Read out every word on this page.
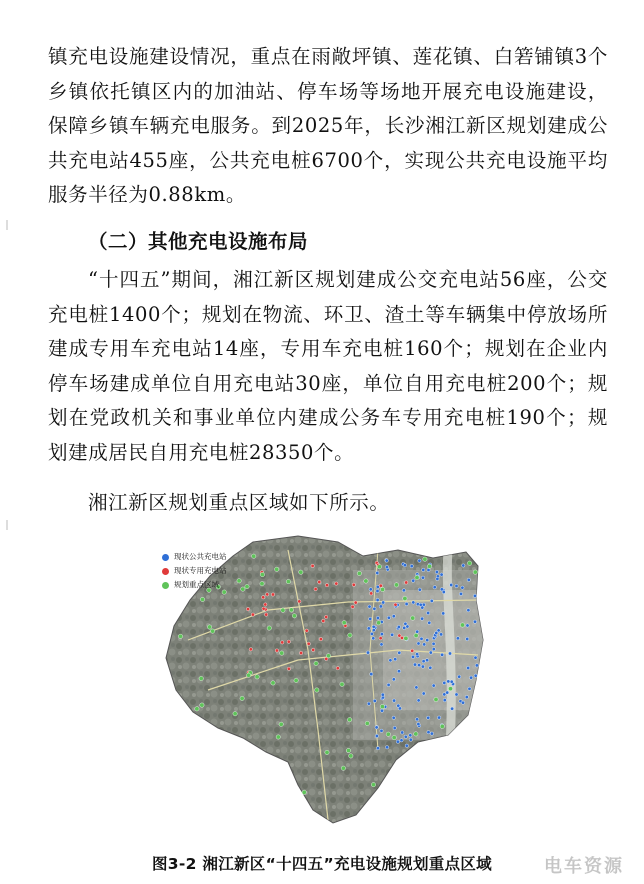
镇充电设施建设情况，重点在雨敞坪镇、莲花镇、白箬铺镇3个乡镇依托镇区内的加油站、停车场等场地开展充电设施建设，保障乡镇车辆充电服务。到2025年，长沙湘江新区规划建成公共充电站455座，公共充电桩6700个，实现公共充电设施平均服务半径为0.88km。
（二）其他充电设施布局
“十四五”期间，湘江新区规划建成公交充电站56座，公交充电桩1400个；规划在物流、环卫、渣土等车辆集中停放场所建成专用车充电站14座，专用车充电桩160个；规划在企业内停车场建成单位自用充电站30座，单位自用充电桩200个；规划在党政机关和事业单位内建成公务车专用充电桩190个；规划建成居民自用充电桩28350个。
湘江新区规划重点区域如下所示。
现状公共充电站
现状专用充电站
规划重点区域
图3-2 湘江新区“十四五”充电设施规划重点区域	电车资源
